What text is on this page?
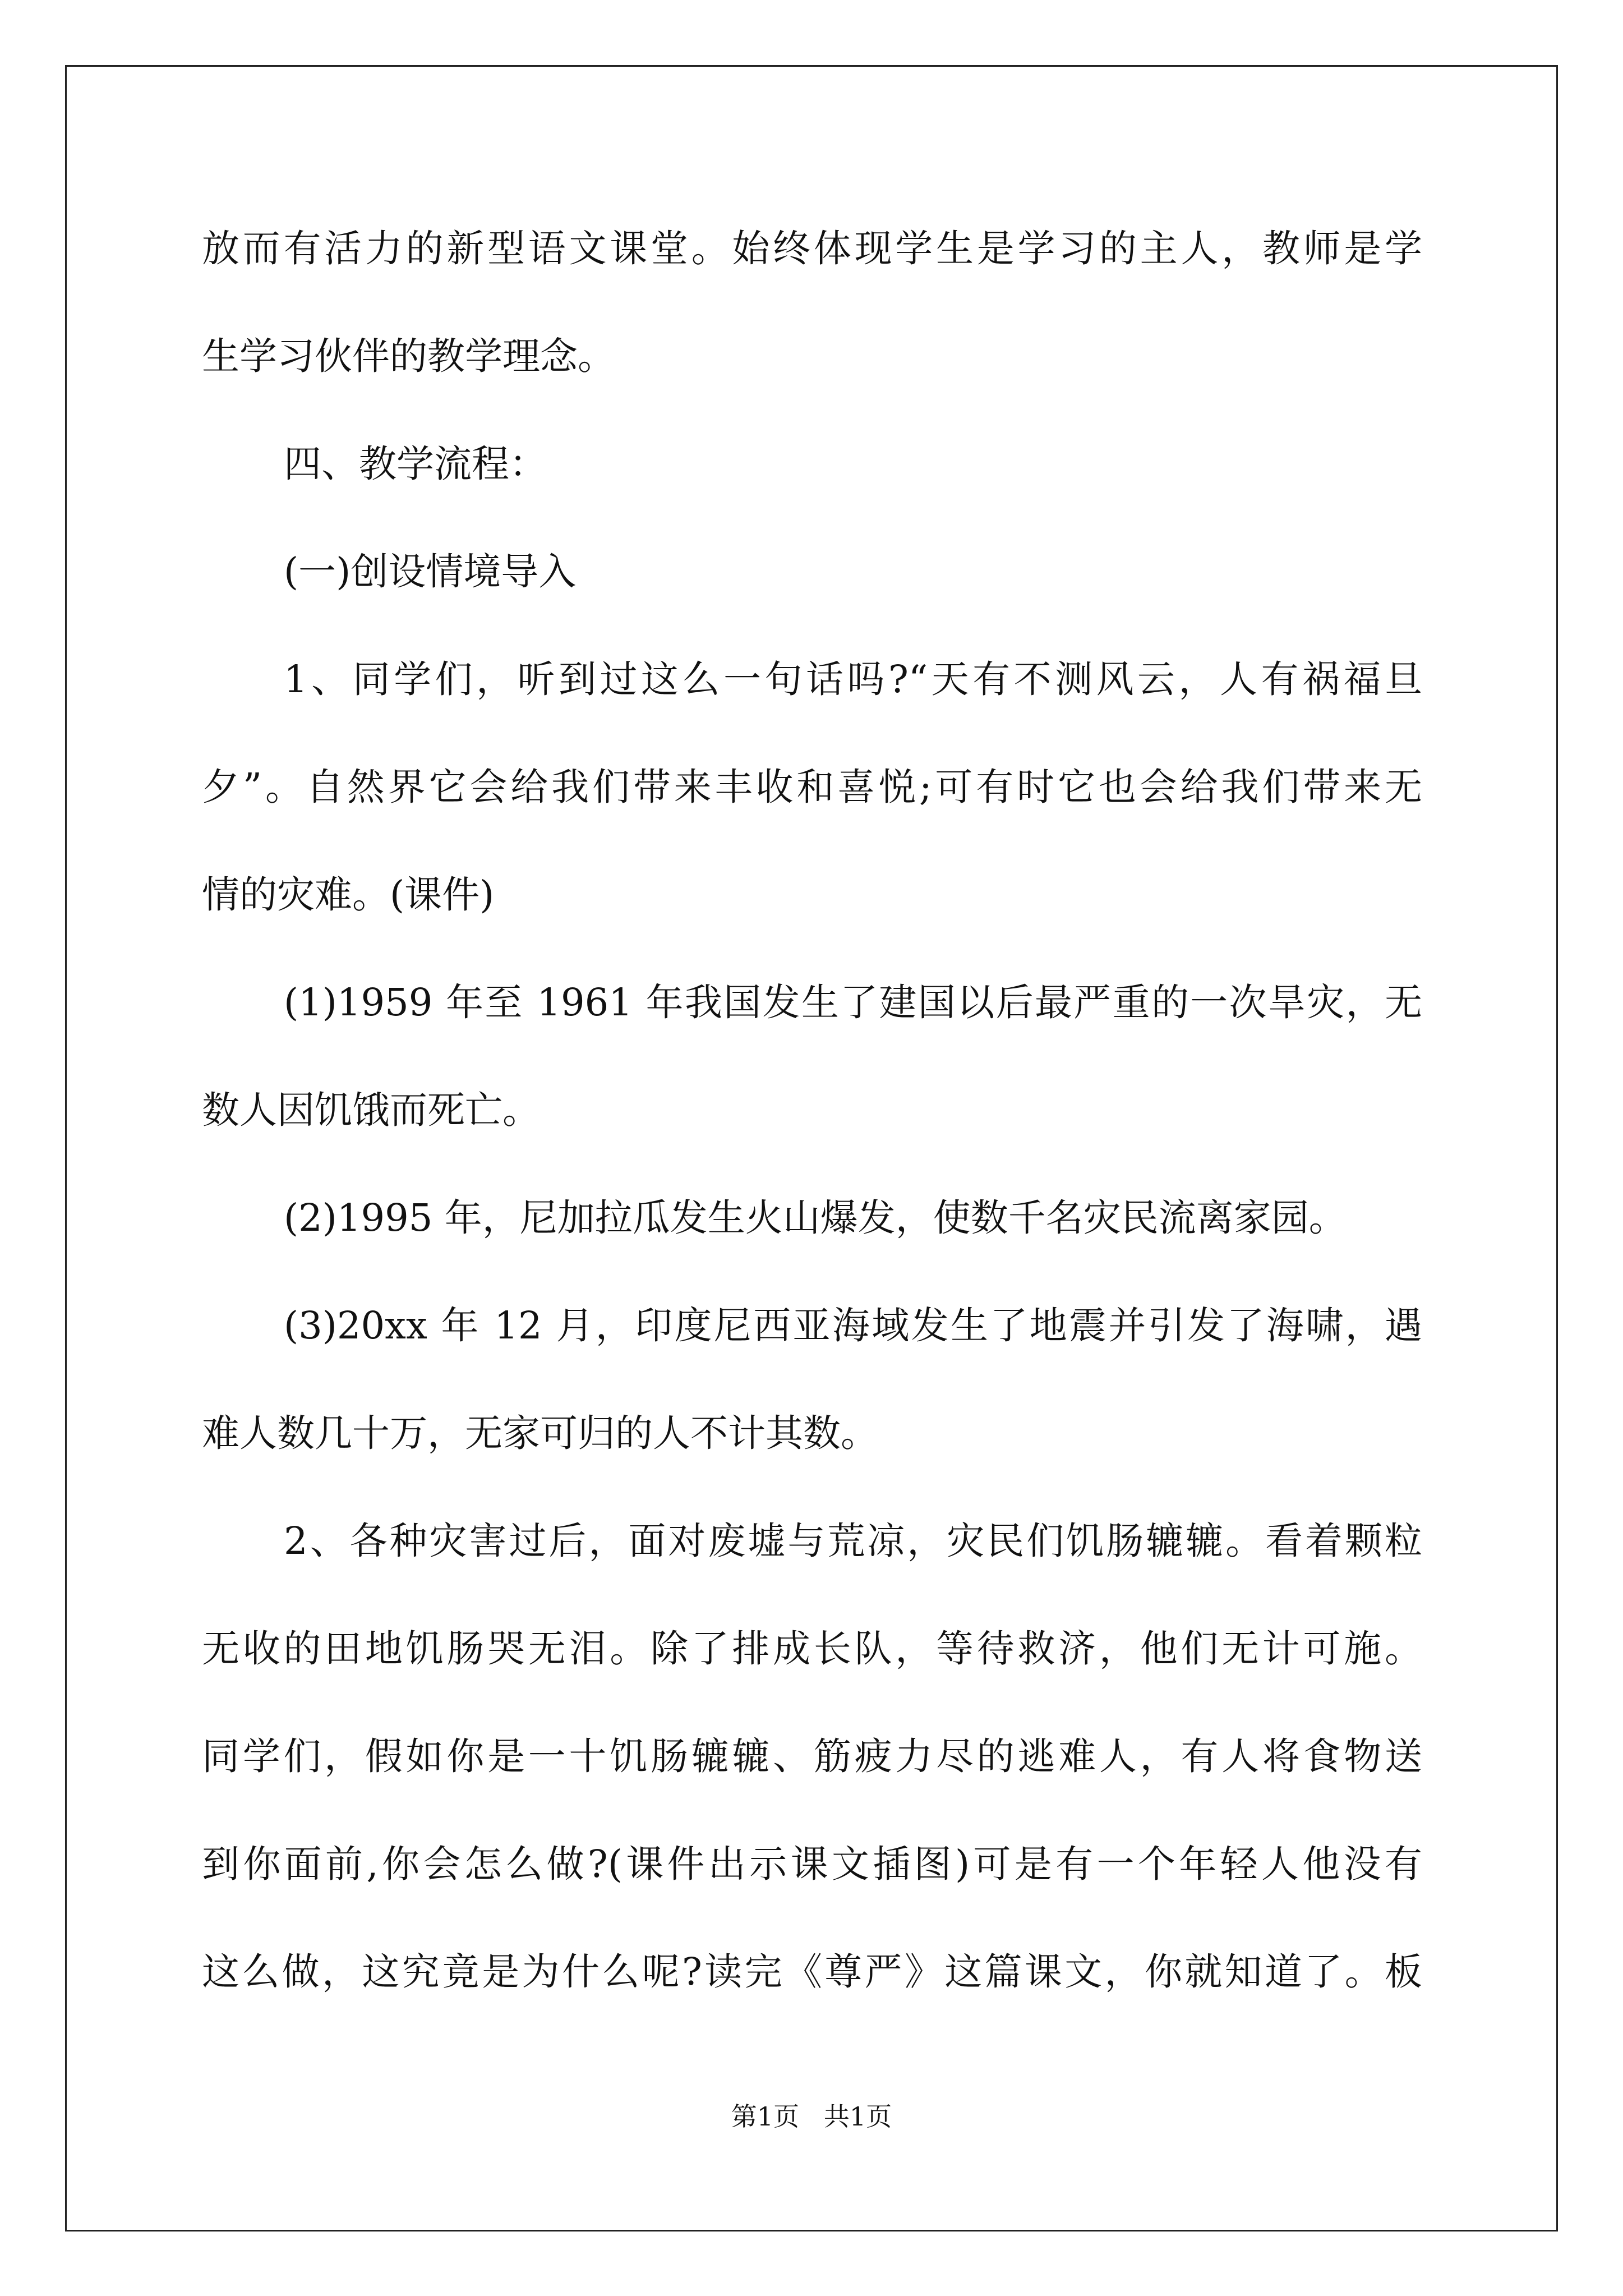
放而有活力的新型语文课堂。始终体现学生是学习的主人，教师是学
生学习伙伴的教学理念。
四、教学流程：
(一)创设情境导入
1、同学们，听到过这么一句话吗?“天有不测风云，人有祸福旦
夕”。自然界它会给我们带来丰收和喜悦;可有时它也会给我们带来无
情的灾难。(课件)
(1)1959 年至 1961 年我国发生了建国以后最严重的一次旱灾，无
数人因饥饿而死亡。
(2)1995 年，尼加拉瓜发生火山爆发，使数千名灾民流离家园。
(3)20xx 年 12 月，印度尼西亚海域发生了地震并引发了海啸，遇
难人数几十万，无家可归的人不计其数。
2、各种灾害过后，面对废墟与荒凉，灾民们饥肠辘辘。看着颗粒
无收的田地饥肠哭无泪。除了排成长队，等待救济，他们无计可施。
同学们，假如你是一十饥肠辘辘、筋疲力尽的逃难人，有人将食物送
到你面前,你会怎么做?(课件出示课文插图)可是有一个年轻人他没有
这么做，这究竟是为什么呢?读完《尊严》这篇课文，你就知道了。板
第1页   共1页
